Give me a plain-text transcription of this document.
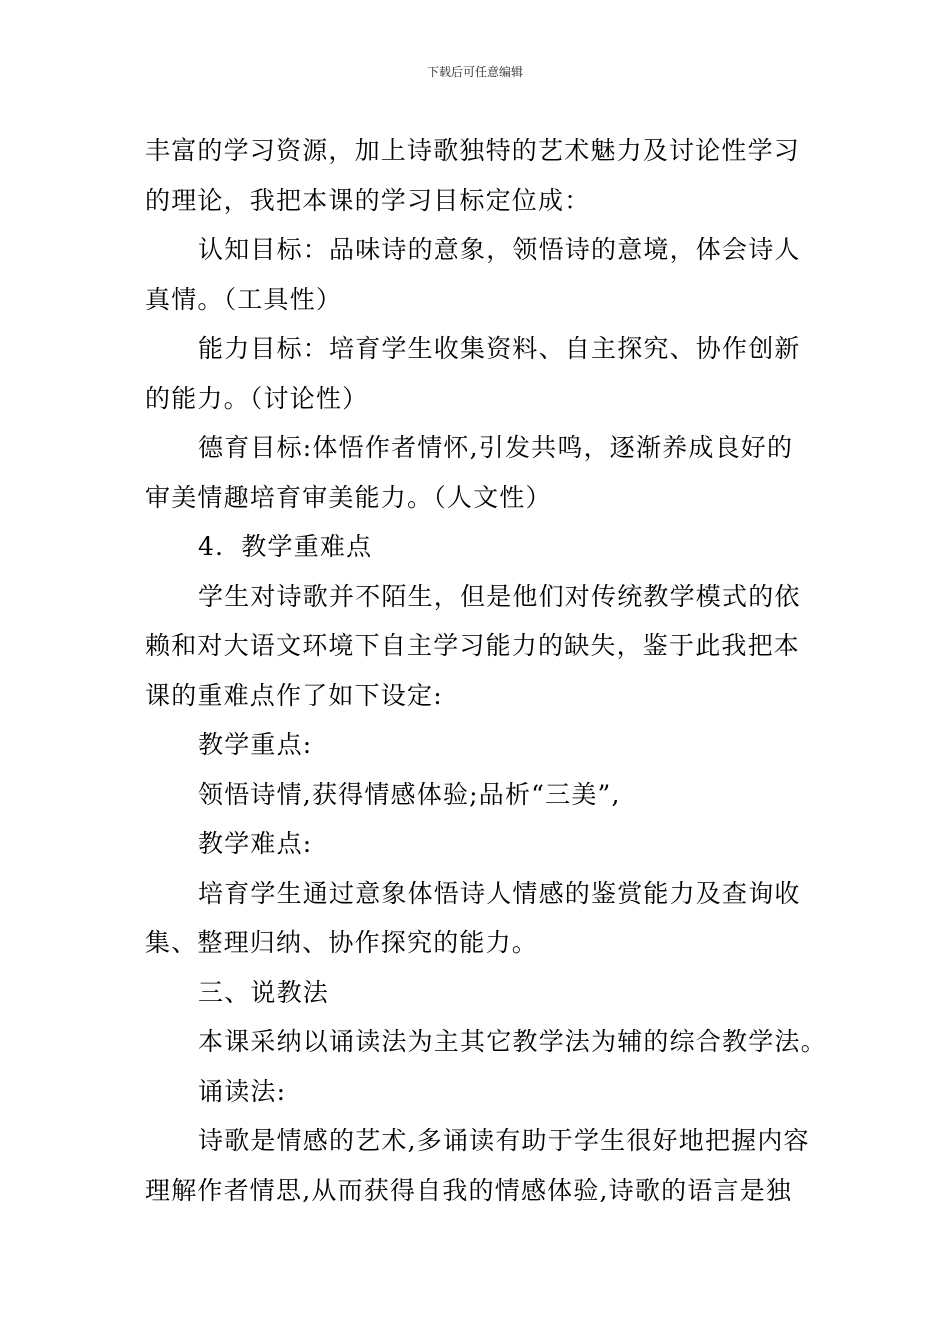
下载后可任意编辑
丰富的学习资源，加上诗歌独特的艺术魅力及讨论性学习
的理论，我把本课的学习目标定位成：
认知目标：品味诗的意象，领悟诗的意境，体会诗人
真情。（工具性）
能力目标：培育学生收集资料、自主探究、协作创新
的能力。（讨论性）
德育目标:体悟作者情怀,引发共鸣，逐渐养成良好的
审美情趣培育审美能力。（人文性）
4．教学重难点
学生对诗歌并不陌生，但是他们对传统教学模式的依
赖和对大语文环境下自主学习能力的缺失，鉴于此我把本
课的重难点作了如下设定:
教学重点:
领悟诗情,获得情感体验;品析“三美”,
教学难点:
培育学生通过意象体悟诗人情感的鉴赏能力及查询收
集、整理归纳、协作探究的能力。
三、说教法
本课采纳以诵读法为主其它教学法为辅的综合教学法。
诵读法:
诗歌是情感的艺术,多诵读有助于学生很好地把握内容
理解作者情思,从而获得自我的情感体验,诗歌的语言是独
